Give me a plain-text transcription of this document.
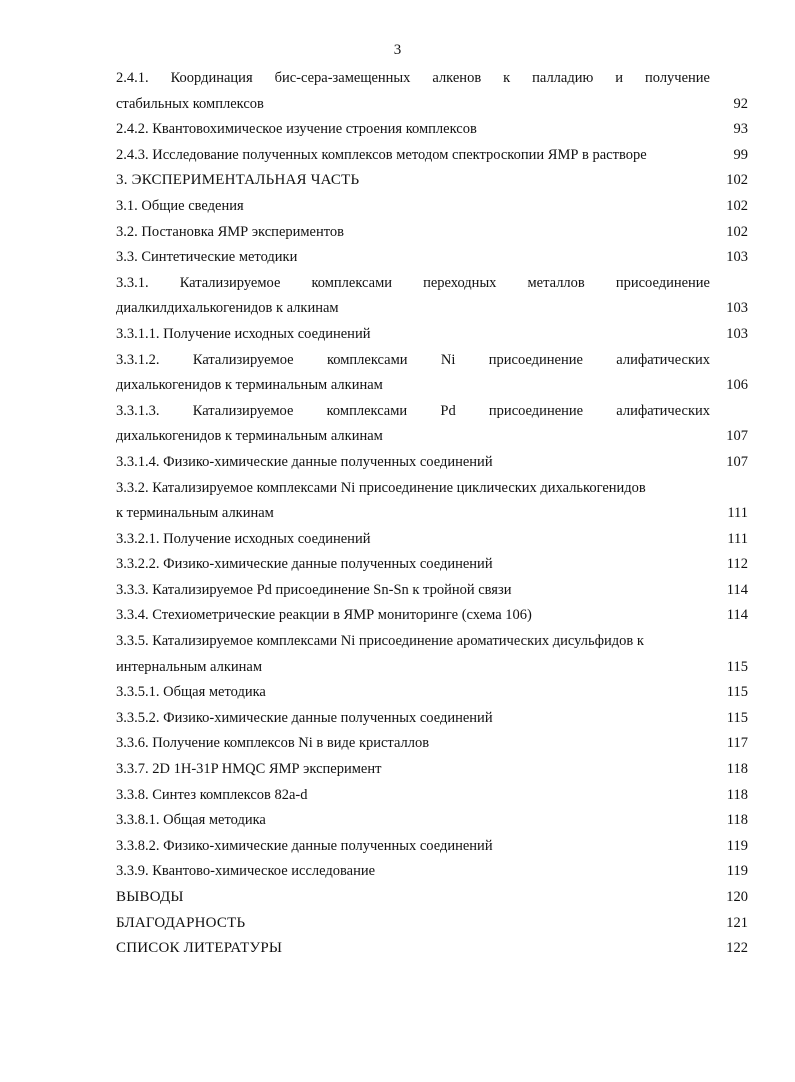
3
2.4.1. Координация бис-сера-замещенных алкенов к палладию и получение
стабильных комплексов	92
2.4.2. Квантовохимическое изучение строения комплексов	93
2.4.3. Исследование полученных комплексов методом спектроскопии ЯМР в растворе	99
3. ЭКСПЕРИМЕНТАЛЬНАЯ ЧАСТЬ	102
3.1. Общие сведения	102
3.2. Постановка ЯМР экспериментов	102
3.3. Синтетические методики	103
3.3.1. Катализируемое комплексами переходных металлов присоединение
диалкилдихалькогенидов к алкинам	103
3.3.1.1. Получение исходных соединений	103
3.3.1.2. Катализируемое комплексами Ni присоединение алифатических
дихалькогенидов к терминальным алкинам	106
3.3.1.3. Катализируемое комплексами Pd присоединение алифатических
дихалькогенидов к терминальным алкинам	107
3.3.1.4. Физико-химические данные полученных соединений	107
3.3.2. Катализируемое комплексами Ni присоединение циклических дихалькогенидов
к терминальным алкинам	111
3.3.2.1. Получение исходных соединений	111
3.3.2.2. Физико-химические данные полученных соединений	112
3.3.3. Катализируемое Pd присоединение Sn-Sn к тройной связи	114
3.3.4. Стехиометрические реакции в ЯМР мониторинге (схема 106)	114
3.3.5. Катализируемое комплексами Ni присоединение ароматических дисульфидов к
интернальным алкинам	115
3.3.5.1. Общая методика	115
3.3.5.2. Физико-химические данные полученных соединений	115
3.3.6. Получение комплексов Ni в виде кристаллов	117
3.3.7. 2D 1H-31P HMQC ЯМР эксперимент	118
3.3.8. Синтез комплексов 82a-d	118
3.3.8.1. Общая методика	118
3.3.8.2. Физико-химические данные полученных соединений	119
3.3.9. Квантово-химическое исследование	119
ВЫВОДЫ	120
БЛАГОДАРНОСТЬ	121
СПИСОК ЛИТЕРАТУРЫ	122
